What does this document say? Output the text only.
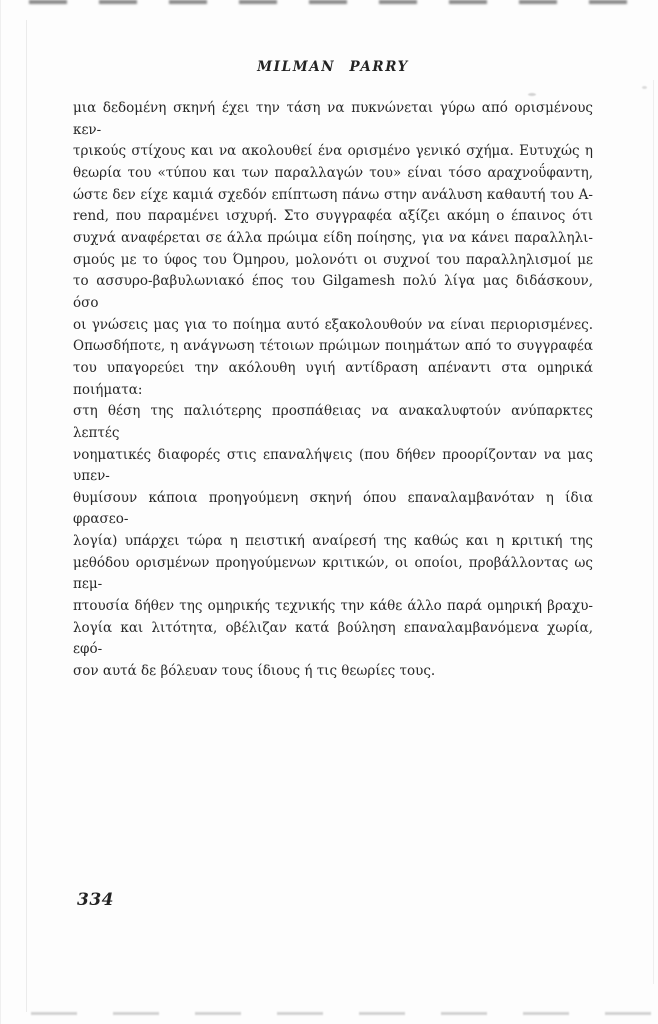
MILMAN PARRY
μια δεδομένη σκηνή έχει την τάση να πυκνώνεται γύρω από ορισμένους κεν-
τρικούς στίχους και να ακολουθεί ένα ορισμένο γενικό σχήμα. Ευτυχώς η
θεωρία του «τύπου και των παραλλαγών του» είναι τόσο αραχνοΰφαντη,
ώστε δεν είχε καμιά σχεδόν επίπτωση πάνω στην ανάλυση καθαυτή του A-
rend, που παραμένει ισχυρή. Στο συγγραφέα αξίζει ακόμη ο έπαινος ότι
συχνά αναφέρεται σε άλλα πρώιμα είδη ποίησης, για να κάνει παραλληλι-
σμούς με το ύφος του Όμηρου, μολονότι οι συχνοί του παραλληλισμοί με
το ασσυρο-βαβυλωνιακό έπος του Gilgamesh πολύ λίγα μας διδάσκουν, όσο
οι γνώσεις μας για το ποίημα αυτό εξακολουθούν να είναι περιορισμένες.
Οπωσδήποτε, η ανάγνωση τέτοιων πρώιμων ποιημάτων από το συγγραφέα
του υπαγορεύει την ακόλουθη υγιή αντίδραση απέναντι στα ομηρικά ποιήματα:
στη θέση της παλιότερης προσπάθειας να ανακαλυφτούν ανύπαρκτες λεπτές
νοηματικές διαφορές στις επαναλήψεις (που δήθεν προορίζονταν να μας υπεν-
θυμίσουν κάποια προηγούμενη σκηνή όπου επαναλαμβανόταν η ίδια φρασεο-
λογία) υπάρχει τώρα η πειστική αναίρεσή της καθώς και η κριτική της
μεθόδου ορισμένων προηγούμενων κριτικών, οι οποίοι, προβάλλοντας ως πεμ-
πτουσία δήθεν της ομηρικής τεχνικής την κάθε άλλο παρά ομηρική βραχυ-
λογία και λιτότητα, οβέλιζαν κατά βούληση επαναλαμβανόμενα χωρία, εφό-
σον αυτά δε βόλευαν τους ίδιους ή τις θεωρίες τους.
334
